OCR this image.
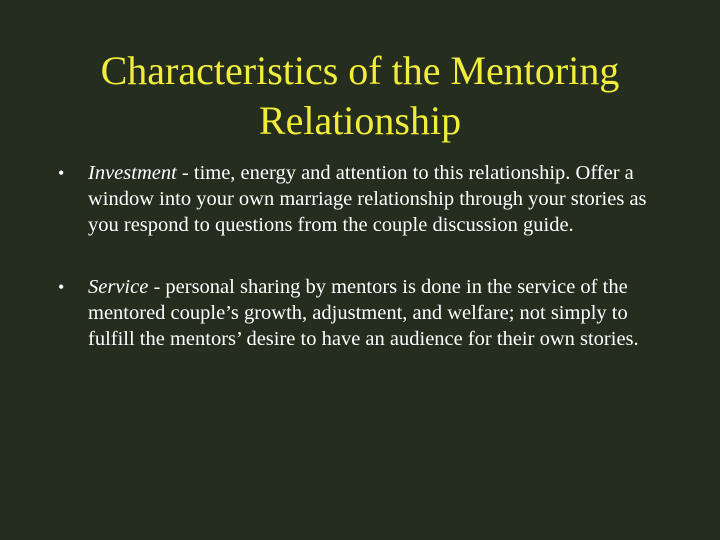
Characteristics of the Mentoring Relationship
• Investment - time, energy and attention to this relationship. Offer a window into your own marriage relationship through your stories as you respond to questions from the couple discussion guide.
• Service - personal sharing by mentors is done in the service of the mentored couple’s growth, adjustment, and welfare; not simply to fulfill the mentors’ desire to have an audience for their own stories.
